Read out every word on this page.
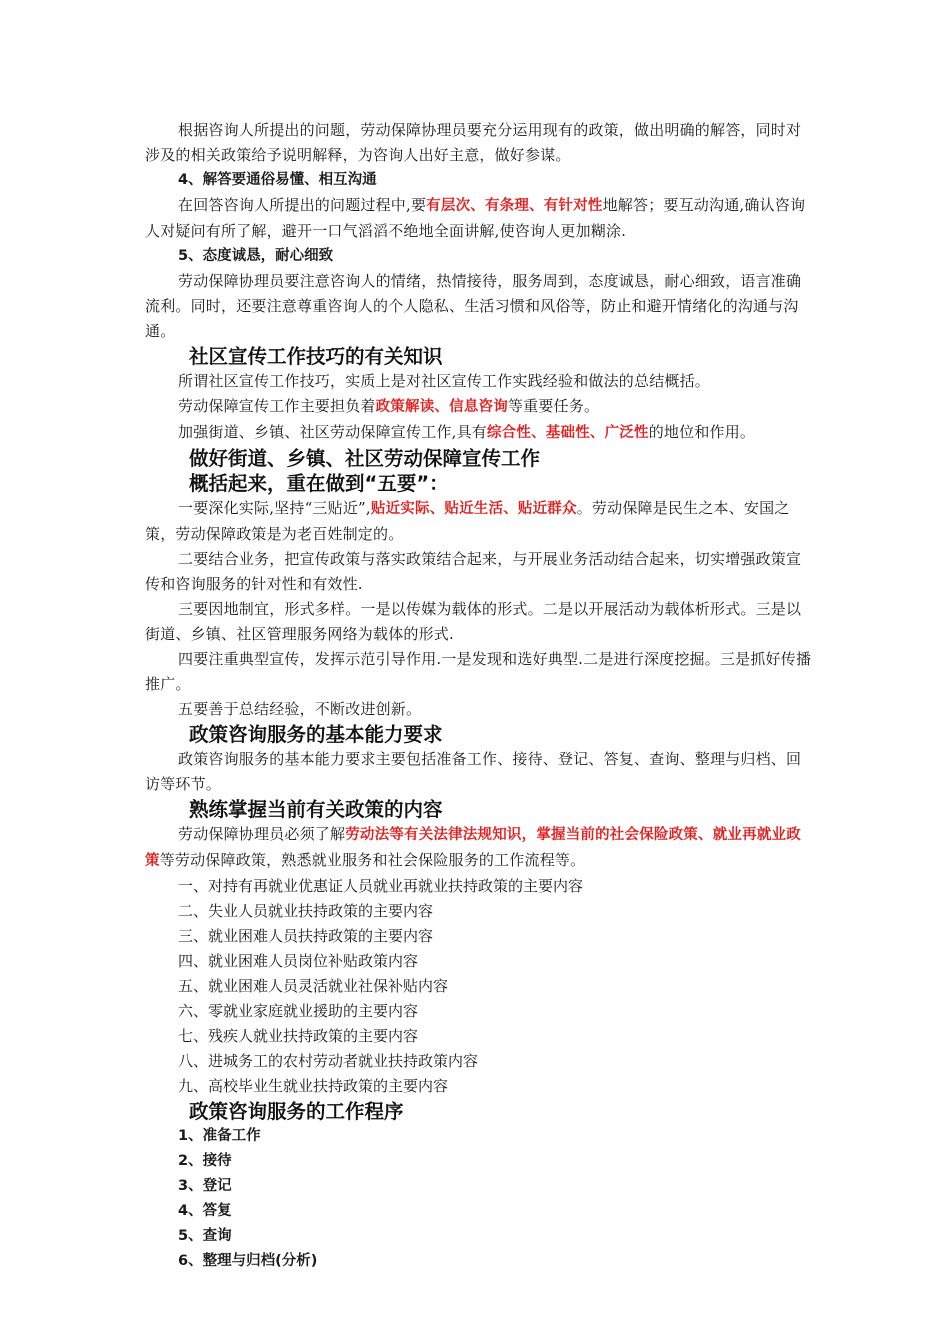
根据咨询人所提出的问题，劳动保障协理员要充分运用现有的政策，做出明确的解答，同时对涉及的相关政策给予说明解释，为咨询人出好主意，做好参谋。

4、解答要通俗易懂、相互沟通

在回答咨询人所提出的问题过程中,要有层次、有条理、有针对性地解答；要互动沟通,确认咨询人对疑问有所了解，避开一口气滔滔不绝地全面讲解,使咨询人更加糊涂.

5、态度诚恳，耐心细致

劳动保障协理员要注意咨询人的情绪，热情接待，服务周到，态度诚恳，耐心细致，语言准确流利。同时，还要注意尊重咨询人的个人隐私、生活习惯和风俗等，防止和避开情绪化的沟通与沟通。

社区宣传工作技巧的有关知识

所谓社区宣传工作技巧，实质上是对社区宣传工作实践经验和做法的总结概括。

劳动保障宣传工作主要担负着政策解读、信息咨询等重要任务。

加强街道、乡镇、社区劳动保障宣传工作,具有综合性、基础性、广泛性的地位和作用。

做好街道、乡镇、社区劳动保障宣传工作

概括起来，重在做到“五要”：

一要深化实际,坚持“三贴近”,贴近实际、贴近生活、贴近群众。劳动保障是民生之本、安国之策，劳动保障政策是为老百姓制定的。

二要结合业务，把宣传政策与落实政策结合起来，与开展业务活动结合起来，切实增强政策宣传和咨询服务的针对性和有效性.

三要因地制宜，形式多样。一是以传媒为载体的形式。二是以开展活动为载体析形式。三是以街道、乡镇、社区管理服务网络为载体的形式.

四要注重典型宣传，发挥示范引导作用.一是发现和选好典型.二是进行深度挖掘。三是抓好传播推广。

五要善于总结经验，不断改进创新。

政策咨询服务的基本能力要求

政策咨询服务的基本能力要求主要包括准备工作、接待、登记、答复、查询、整理与归档、回访等环节。

熟练掌握当前有关政策的内容

劳动保障协理员必须了解劳动法等有关法律法规知识，掌握当前的社会保险政策、就业再就业政策等劳动保障政策，熟悉就业服务和社会保险服务的工作流程等。

一、对持有再就业优惠证人员就业再就业扶持政策的主要内容

二、失业人员就业扶持政策的主要内容

三、就业困难人员扶持政策的主要内容

四、就业困难人员岗位补贴政策内容

五、就业困难人员灵活就业社保补贴内容

六、零就业家庭就业援助的主要内容

七、残疾人就业扶持政策的主要内容

八、进城务工的农村劳动者就业扶持政策内容

九、高校毕业生就业扶持政策的主要内容

政策咨询服务的工作程序

1、准备工作

2、接待

3、登记

4、答复

5、查询

6、整理与归档(分析)
